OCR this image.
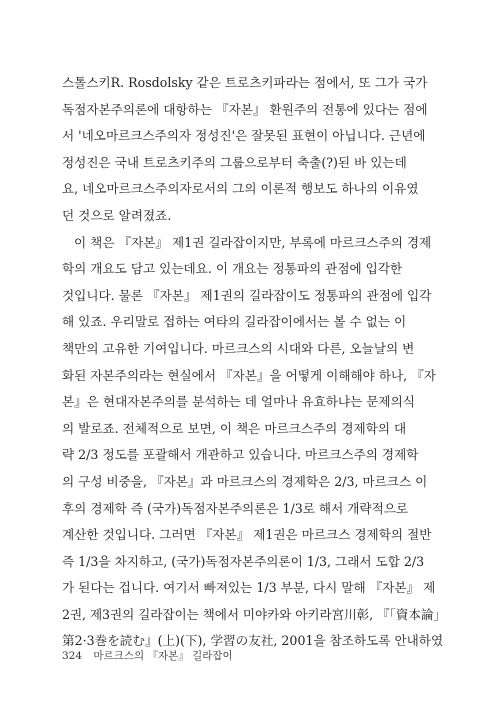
스톨스키R. Rosdolsky 같은 트로츠키파라는 점에서, 또 그가 국가
독점자본주의론에 대항하는 『자본』 환원주의 전통에 있다는 점에
서 '네오마르크스주의자 정성진'은 잘못된 표현이 아닙니다. 근년에
정성진은 국내 트로츠키주의 그룹으로부터 축출(?)된 바 있는데
요, 네오마르크스주의자로서의 그의 이론적 행보도 하나의 이유였
던 것으로 알려졌죠.
이 책은 『자본』 제1권 길라잡이지만, 부록에 마르크스주의 경제
학의 개요도 담고 있는데요. 이 개요는 정통파의 관점에 입각한
것입니다. 물론 『자본』 제1권의 길라잡이도 정통파의 관점에 입각
해 있죠. 우리말로 접하는 여타의 길라잡이에서는 볼 수 없는 이
책만의 고유한 기여입니다. 마르크스의 시대와 다른, 오늘날의 변
화된 자본주의라는 현실에서 『자본』을 어떻게 이해해야 하나, 『자
본』은 현대자본주의를 분석하는 데 얼마나 유효하냐는 문제의식
의 발로죠. 전체적으로 보면, 이 책은 마르크스주의 경제학의 대
략 2/3 정도를 포괄해서 개관하고 있습니다. 마르크스주의 경제학
의 구성 비중을, 『자본』과 마르크스의 경제학은 2/3, 마르크스 이
후의 경제학 즉 (국가)독점자본주의론은 1/3로 해서 개략적으로
계산한 것입니다. 그러면 『자본』 제1권은 마르크스 경제학의 절반
즉 1/3을 차지하고, (국가)독점자본주의론이 1/3, 그래서 도합 2/3
가 된다는 겁니다. 여기서 빠져있는 1/3 부분, 다시 말해 『자본』 제
2권, 제3권의 길라잡이는 책에서 미야카와 아키라宮川彰, 『「資本論」
第2·3巻を読む』(上)(下), 学習の友社, 2001을 참조하도록 안내하였
324 마르크스의 『자본』 길라잡이
